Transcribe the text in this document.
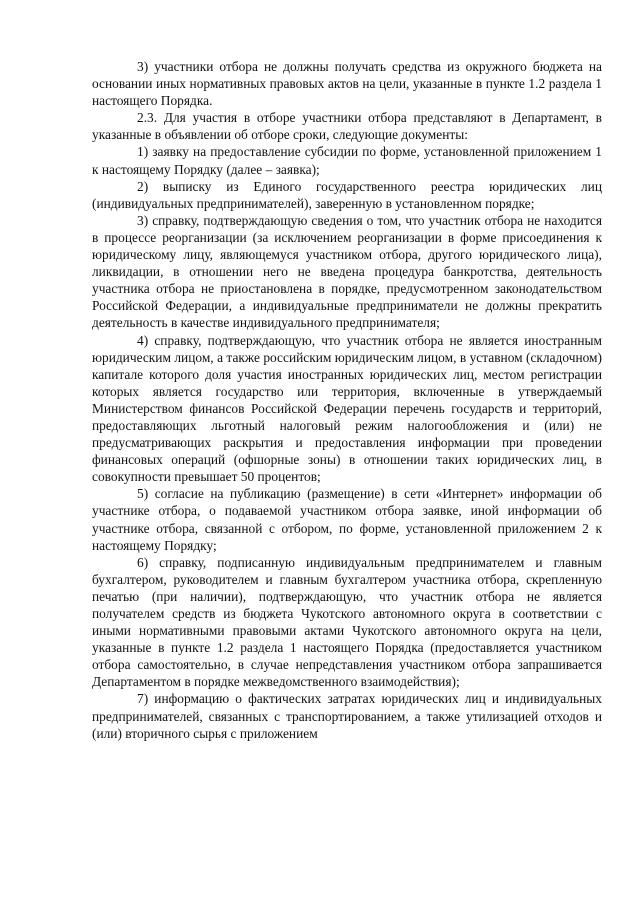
3) участники отбора не должны получать средства из окружного бюджета на основании иных нормативных правовых актов на цели, указанные в пункте 1.2 раздела 1 настоящего Порядка.

2.3. Для участия в отборе участники отбора представляют в Департамент, в указанные в объявлении об отборе сроки, следующие документы:

1) заявку на предоставление субсидии по форме, установленной приложением 1 к настоящему Порядку (далее – заявка);

2) выписку из Единого государственного реестра юридических лиц (индивидуальных предпринимателей), заверенную в установленном порядке;

3) справку, подтверждающую сведения о том, что участник отбора не находится в процессе реорганизации (за исключением реорганизации в форме присоединения к юридическому лицу, являющемуся участником отбора, другого юридического лица), ликвидации, в отношении него не введена процедура банкротства, деятельность участника отбора не приостановлена в порядке, предусмотренном законодательством Российской Федерации, а индивидуальные предприниматели не должны прекратить деятельность в качестве индивидуального предпринимателя;

4) справку, подтверждающую, что участник отбора не является иностранным юридическим лицом, а также российским юридическим лицом, в уставном (складочном) капитале которого доля участия иностранных юридических лиц, местом регистрации которых является государство или территория, включенные в утверждаемый Министерством финансов Российской Федерации перечень государств и территорий, предоставляющих льготный налоговый режим налогообложения и (или) не предусматривающих раскрытия и предоставления информации при проведении финансовых операций (офшорные зоны) в отношении таких юридических лиц, в совокупности превышает 50 процентов;

5) согласие на публикацию (размещение) в сети «Интернет» информации об участнике отбора, о подаваемой участником отбора заявке, иной информации об участнике отбора, связанной с отбором, по форме, установленной приложением 2 к настоящему Порядку;

6) справку, подписанную индивидуальным предпринимателем и главным бухгалтером, руководителем и главным бухгалтером участника отбора, скрепленную печатью (при наличии), подтверждающую, что участник отбора не является получателем средств из бюджета Чукотского автономного округа в соответствии с иными нормативными правовыми актами Чукотского автономного округа на цели, указанные в пункте 1.2 раздела 1 настоящего Порядка (предоставляется участником отбора самостоятельно, в случае непредставления участником отбора запрашивается Департаментом в порядке межведомственного взаимодействия);

7) информацию о фактических затратах юридических лиц и индивидуальных предпринимателей, связанных с транспортированием, а также утилизацией отходов и (или) вторичного сырья с приложением
